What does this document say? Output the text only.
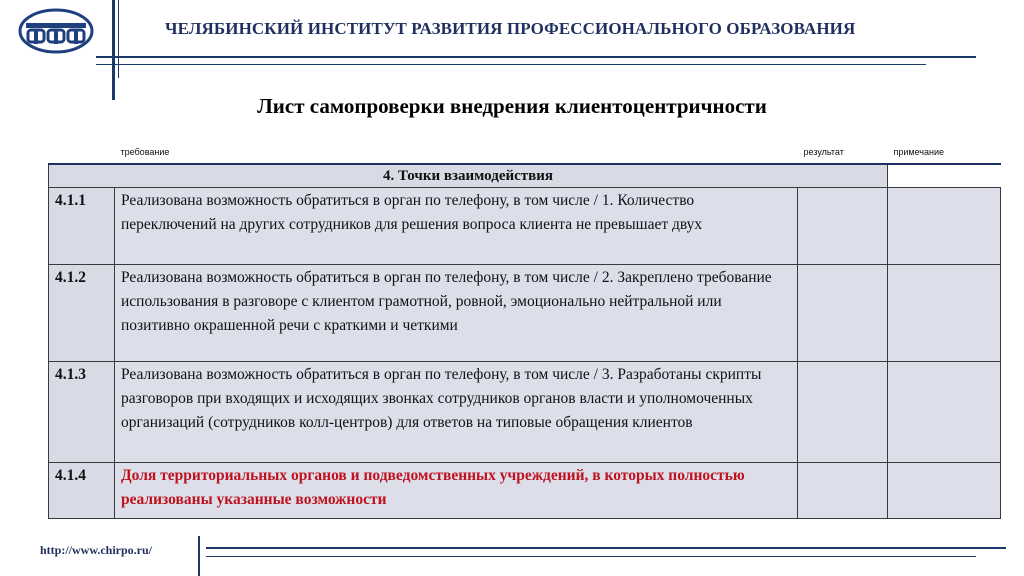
ЧЕЛЯБИНСКИЙ ИНСТИТУТ РАЗВИТИЯ ПРОФЕССИОНАЛЬНОГО ОБРАЗОВАНИЯ
Лист самопроверки внедрения клиентоцентричности
	требование	результат	примечание
4. Точки взаимодействия			
4.1.1	Реализована возможность обратиться в орган по телефону, в том числе / 1. Количество переключений на других сотрудников для решения вопроса клиента не превышает двух		
4.1.2	Реализована возможность обратиться в орган по телефону, в том числе / 2. Закреплено требование использования в разговоре с клиентом грамотной, ровной, эмоционально нейтральной или позитивно окрашенной речи с краткими и четкими		
4.1.3	Реализована возможность обратиться в орган по телефону, в том числе / 3. Разработаны скрипты разговоров при входящих и исходящих звонках сотрудников органов власти и уполномоченных организаций (сотрудников колл-центров) для ответов на типовые обращения клиентов		
4.1.4	Доля территориальных органов и подведомственных учреждений, в которых полностью реализованы указанные возможности		
http://www.chirpo.ru/
